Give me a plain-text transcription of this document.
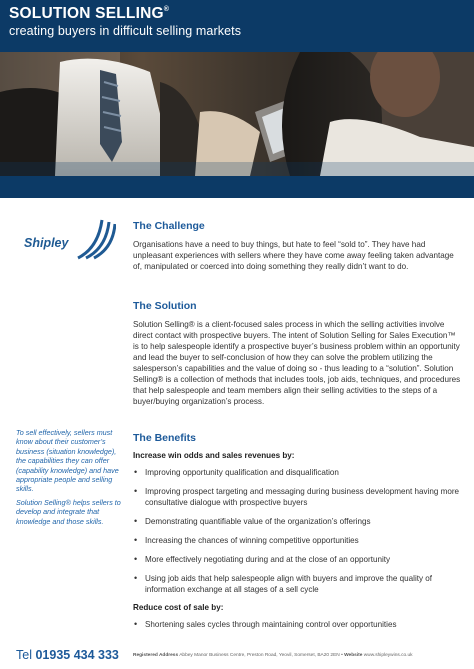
SOLUTION SELLING®
creating buyers in difficult selling markets
Shipley
The Challenge

Organisations have a need to buy things, but hate to feel “sold to”. They have had unpleasant experiences with sellers where they have come away feeling taken advantage of, manipulated or coerced into doing something they really didn’t want to do.

The Solution

Solution Selling® is a client-focused sales process in which the selling activities involve direct contact with prospective buyers. The intent of Solution Selling for Sales Execution™ is to help salespeople identify a prospective buyer’s business problem within an opportunity and lead the buyer to self-conclusion of how they can solve the problem utilizing the salesperson’s capabilities and the value of doing so - thus leading to a “solution”. Solution Selling® is a collection of methods that includes tools, job aids, techniques, and procedures that help salespeople and team members align their selling activities to the steps of a buyer/buying organization’s process.

The Benefits
Increase win odds and sales revenues by:
• Improving opportunity qualification and disqualification
• Improving prospect targeting and messaging during business development having more consultative dialogue with prospective buyers
• Demonstrating quantifiable value of the organization’s offerings
• Increasing the chances of winning competitive opportunities
• More effectively negotiating during and at the close of an opportunity
• Using job aids that help salespeople align with buyers and improve the quality of information exchange at all stages of a sell cycle
Reduce cost of sale by:
• Shortening sales cycles through maintaining control over opportunities

To sell effectively, sellers must know about their customer’s business (situation knowledge), the capabilities they can offer (capability knowledge) and have appropriate people and selling skills.

Solution Selling® helps sellers to develop and integrate that knowledge and those skills.

Tel 01935 434 333	Registered Address Abbey Manor Business Centre, Preston Road, Yeovil, Somerset, BA20 2EN • Website www.shipleywins.co.uk
